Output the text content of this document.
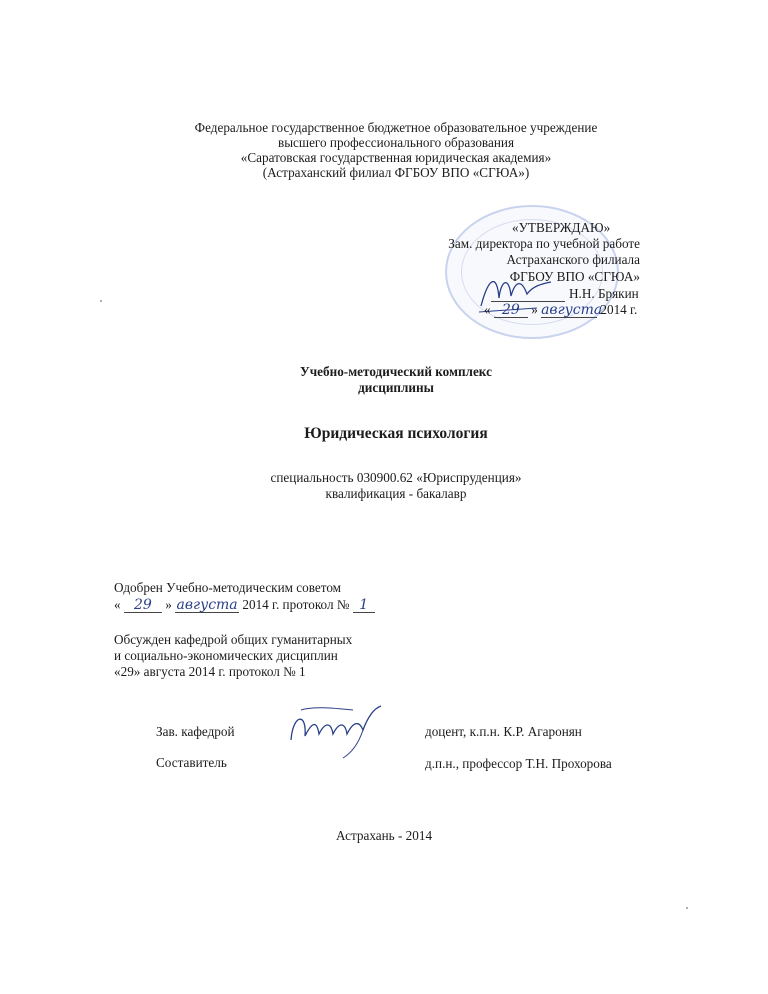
Федеральное государственное бюджетное образовательное учреждение
высшего профессионального образования
«Саратовская государственная юридическая академия»
(Астраханский филиал ФГБОУ ВПО «СГЮА»)
«УТВЕРЖДАЮ»
Зам. директора по учебной работе
Астраханского филиала
ФГБОУ ВПО «СГЮА»
Н.Н. Брякин
« 29 » августа 2014 г.
Учебно-методический комплекс
дисциплины
Юридическая психология
специальность 030900.62 «Юриспруденция»
квалификация - бакалавр
Одобрен Учебно-методическим советом
« 29 » августа 2014 г. протокол № 1
Обсужден кафедрой общих гуманитарных
и социально-экономических дисциплин
«29» августа 2014 г. протокол № 1
Зав. кафедрой	доцент, к.п.н. К.Р. Агаронян
Составитель	д.п.н., профессор Т.Н. Прохорова
Астрахань - 2014
